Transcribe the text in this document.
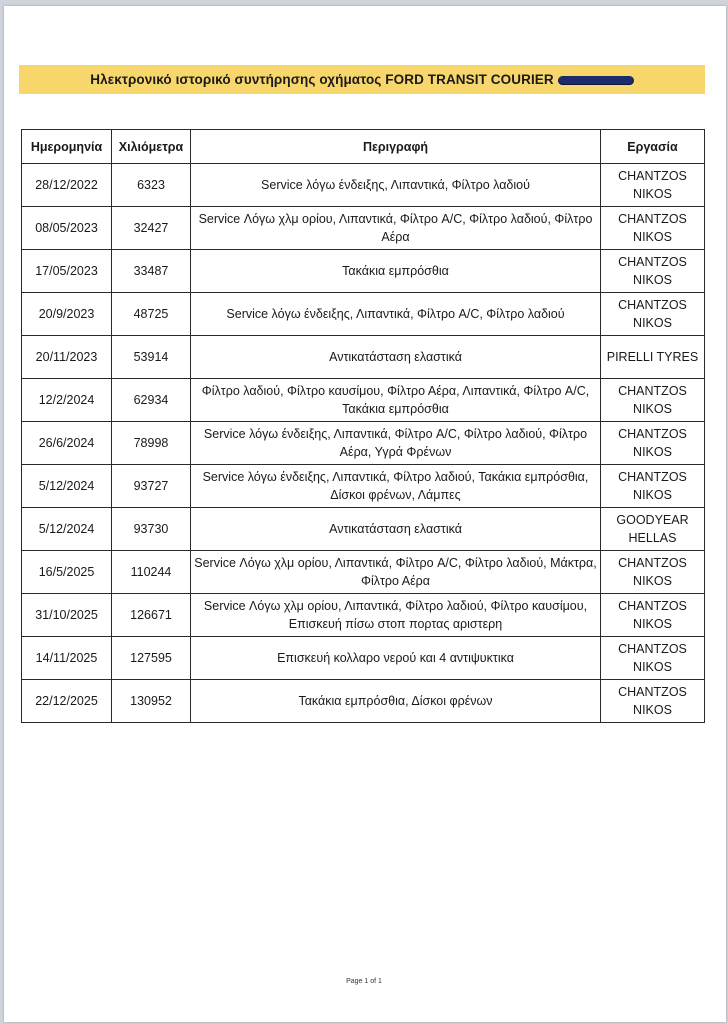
Ηλεκτρονικό ιστορικό συντήρησης οχήματος FORD TRANSIT COURIER
Ημερομηνία	Χιλιόμετρα	Περιγραφή	Εργασία
28/12/2022	6323	Service λόγω ένδειξης, Λιπαντικά, Φίλτρο λαδιού	CHANTZOS NIKOS
08/05/2023	32427	Service Λόγω χλμ ορίου, Λιπαντικά, Φίλτρο A/C, Φίλτρο λαδιού, Φίλτρο Αέρα	CHANTZOS NIKOS
17/05/2023	33487	Τακάκια εμπρόσθια	CHANTZOS NIKOS
20/9/2023	48725	Service λόγω ένδειξης, Λιπαντικά, Φίλτρο A/C, Φίλτρο λαδιού	CHANTZOS NIKOS
20/11/2023	53914	Αντικατάσταση ελαστικά	PIRELLI TYRES
12/2/2024	62934	Φίλτρο λαδιού, Φίλτρο καυσίμου, Φίλτρο Αέρα, Λιπαντικά, Φίλτρο A/C, Τακάκια εμπρόσθια	CHANTZOS NIKOS
26/6/2024	78998	Service λόγω ένδειξης, Λιπαντικά, Φίλτρο A/C, Φίλτρο λαδιού, Φίλτρο Αέρα, Υγρά Φρένων	CHANTZOS NIKOS
5/12/2024	93727	Service λόγω ένδειξης, Λιπαντικά, Φίλτρο λαδιού, Τακάκια εμπρόσθια, Δίσκοι φρένων, Λάμπες	CHANTZOS NIKOS
5/12/2024	93730	Αντικατάσταση ελαστικά	GOODYEAR HELLAS
16/5/2025	110244	Service Λόγω χλμ ορίου, Λιπαντικά, Φίλτρο A/C, Φίλτρο λαδιού, Μάκτρα, Φίλτρο Αέρα	CHANTZOS NIKOS
31/10/2025	126671	Service Λόγω χλμ ορίου, Λιπαντικά, Φίλτρο λαδιού, Φίλτρο καυσίμου, Επισκευή πίσω στοπ πορτας αριστερη	CHANTZOS NIKOS
14/11/2025	127595	Επισκευή κολλαρο νερού και 4 αντιψυκτικα	CHANTZOS NIKOS
22/12/2025	130952	Τακάκια εμπρόσθια, Δίσκοι φρένων	CHANTZOS NIKOS
Page 1 of 1
